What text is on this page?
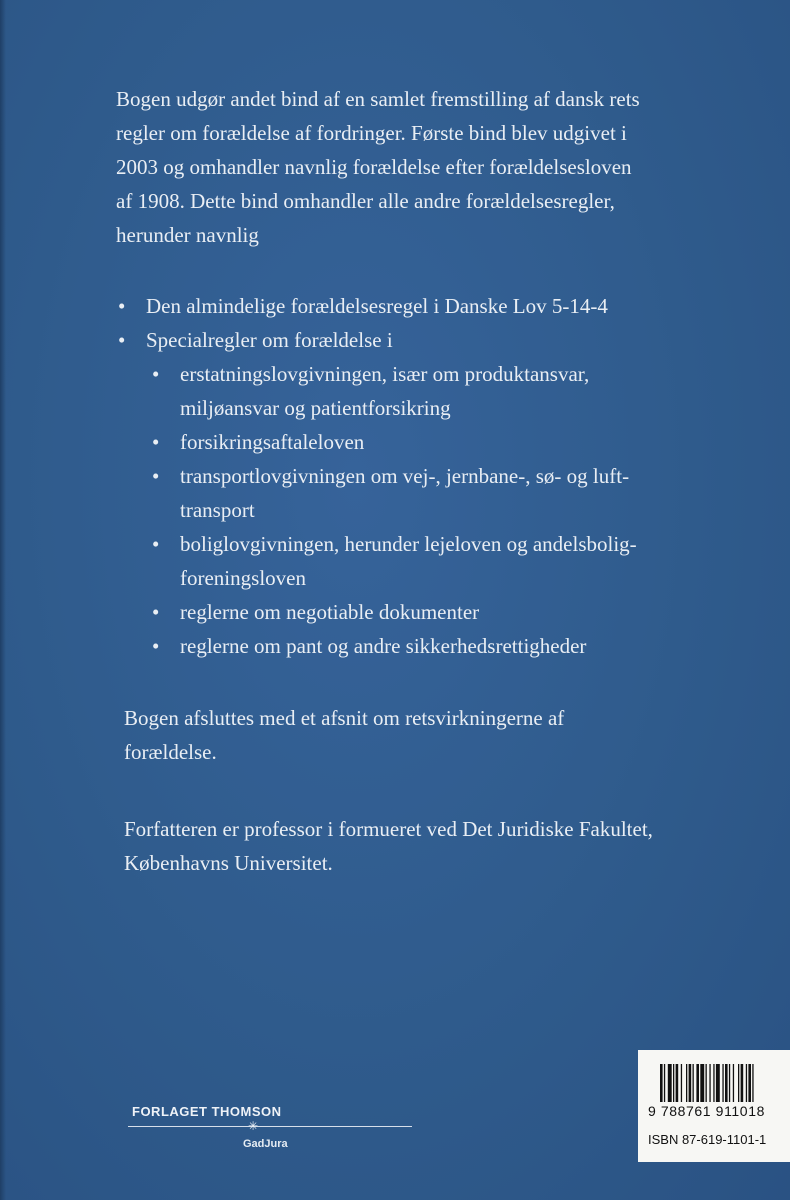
Bogen udgør andet bind af en samlet fremstilling af dansk rets
regler om forældelse af fordringer. Første bind blev udgivet i
2003 og omhandler navnlig forældelse efter forældelsesloven
af 1908. Dette bind omhandler alle andre forældelsesregler,
herunder navnlig
• Den almindelige forældelsesregel i Danske Lov 5-14-4
• Specialregler om forældelse i
• erstatningslovgivningen, især om produktansvar,
miljøansvar og patientforsikring
• forsikringsaftaleloven
• transportlovgivningen om vej-, jernbane-, sø- og luft-
transport
• boliglovgivningen, herunder lejeloven og andelsbolig-
foreningsloven
• reglerne om negotiable dokumenter
• reglerne om pant og andre sikkerhedsrettigheder
Bogen afsluttes med et afsnit om retsvirkningerne af
forældelse.
Forfatteren er professor i formueret ved Det Juridiske Fakultet,
Københavns Universitet.
FORLAGET THOMSON
✳
GadJura
9 788761 911018
ISBN 87-619-1101-1
